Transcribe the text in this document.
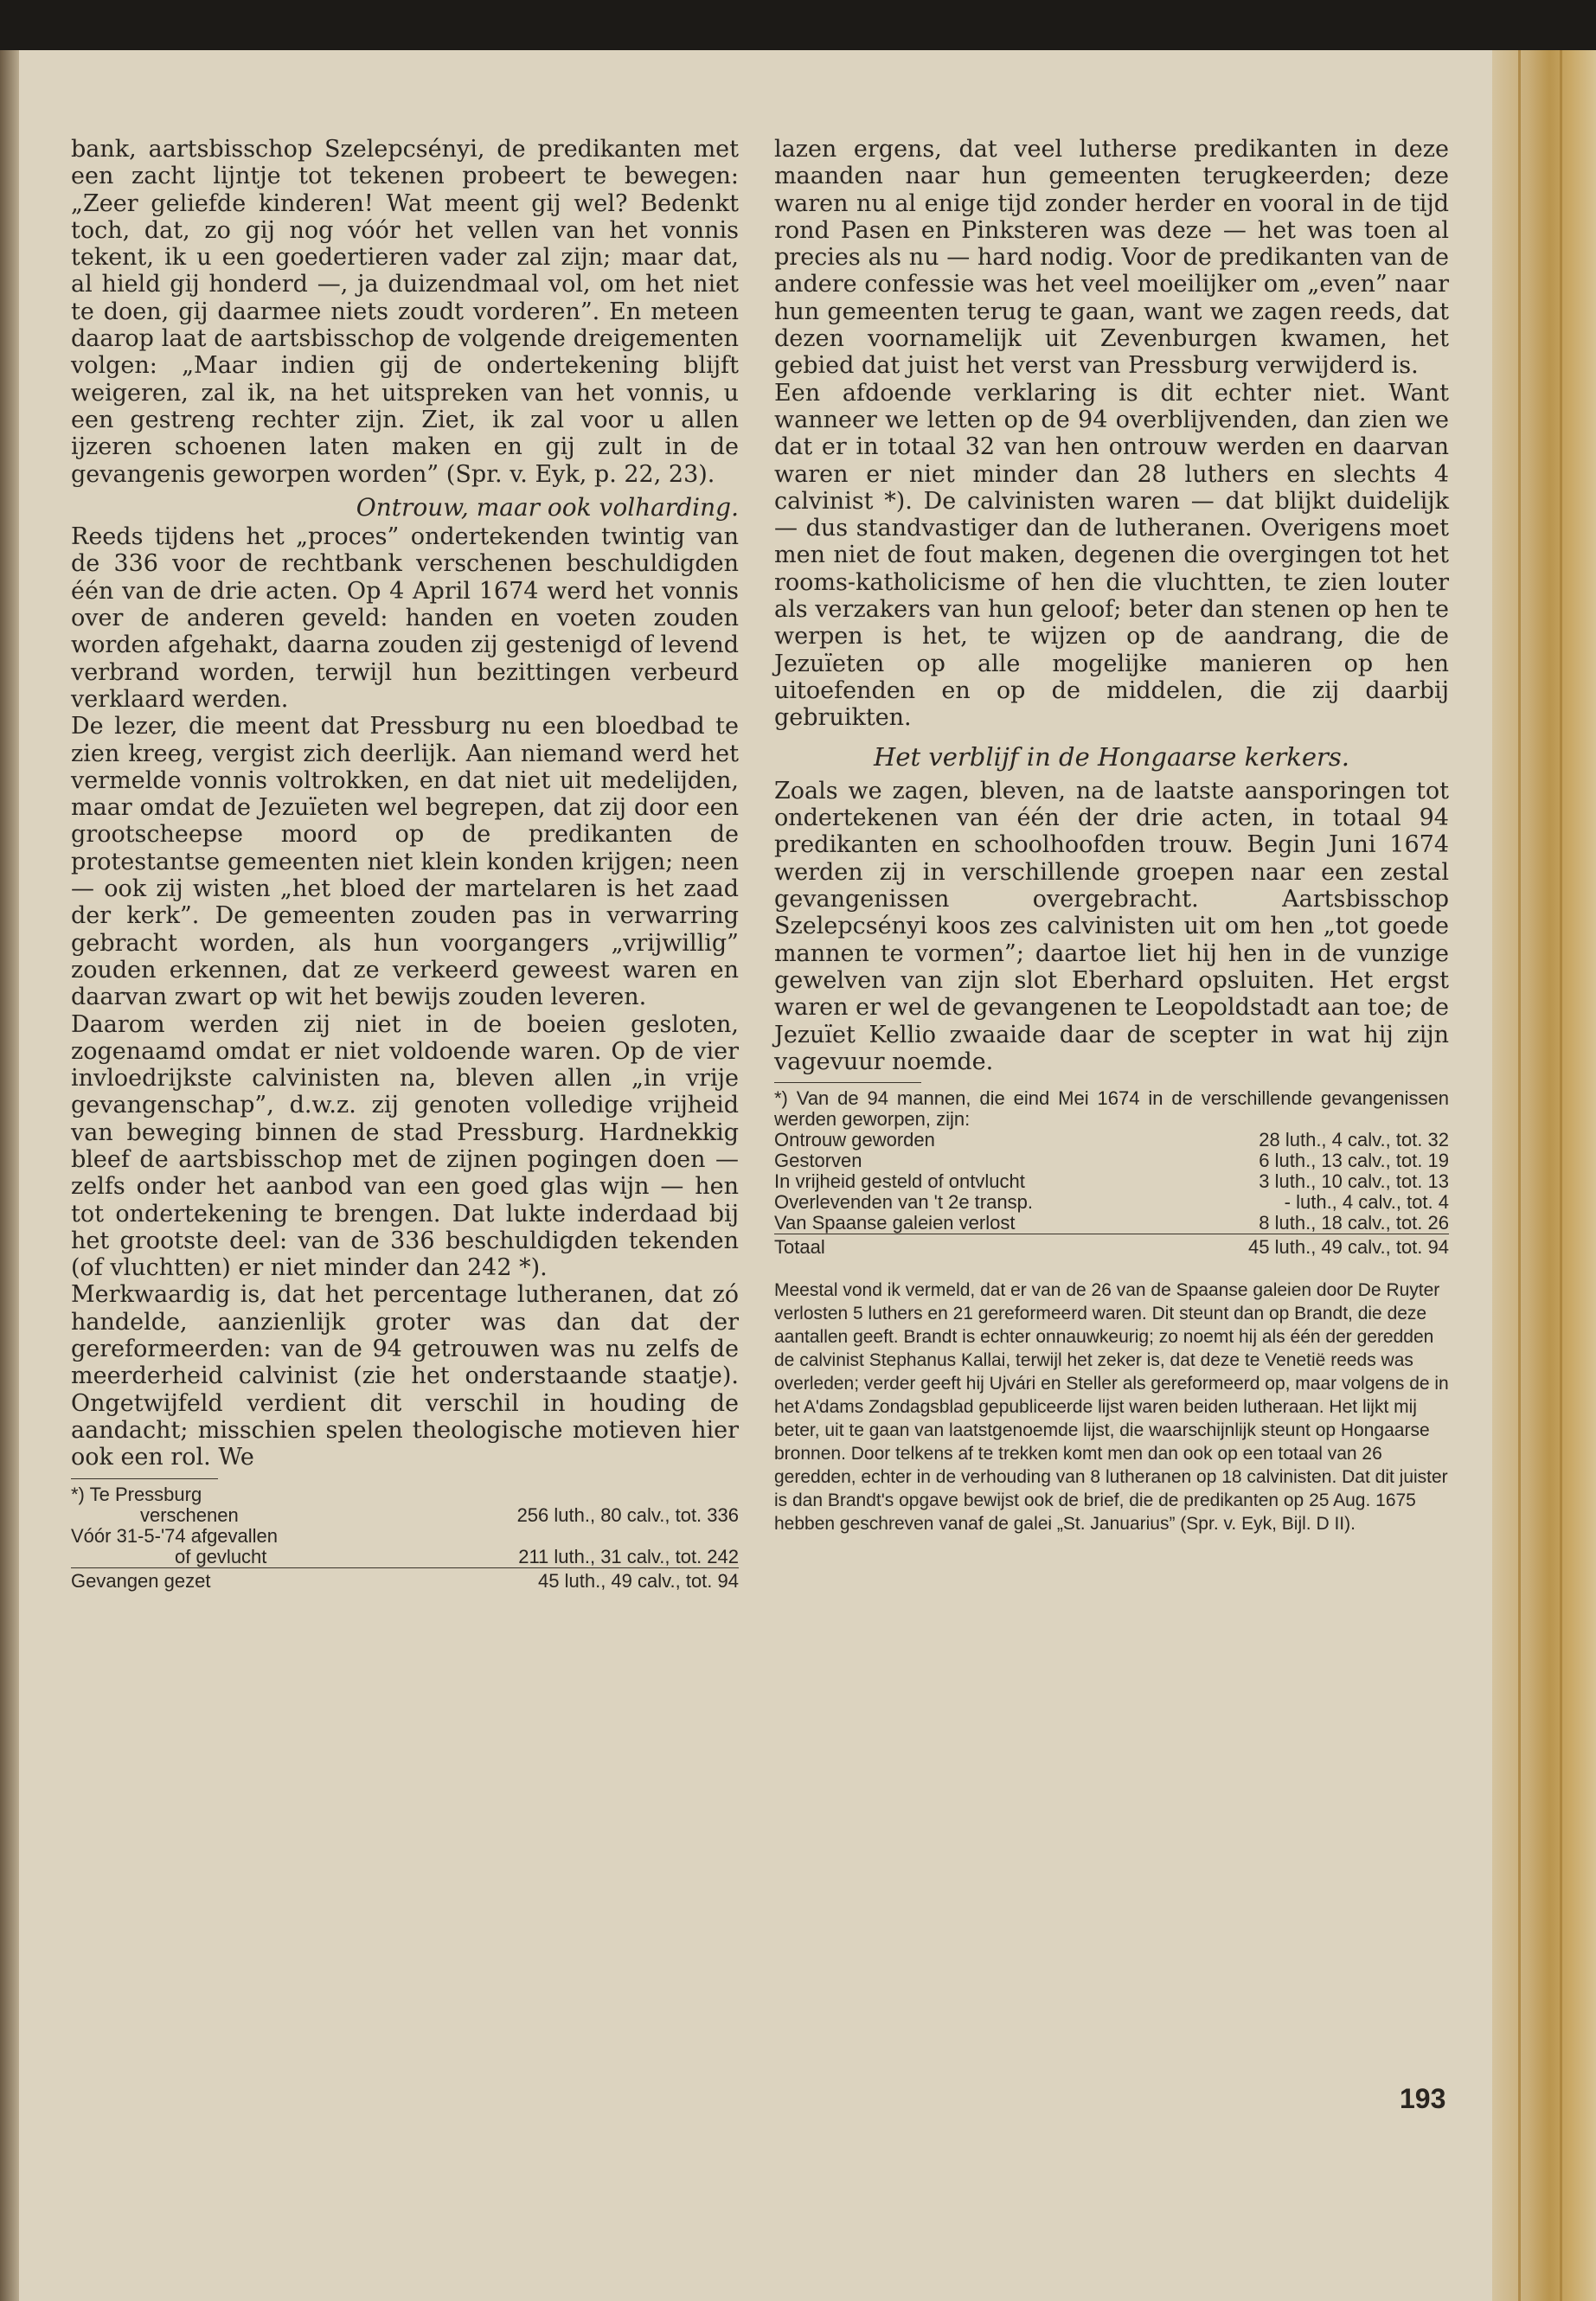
bank, aartsbisschop Szelepcsényi, de predikanten met een zacht lijntje tot tekenen probeert te bewegen: „Zeer geliefde kinderen! Wat meent gij wel? Bedenkt toch, dat, zo gij nog vóór het vellen van het vonnis tekent, ik u een goedertieren vader zal zijn; maar dat, al hield gij honderd —, ja duizendmaal vol, om het niet te doen, gij daarmee niets zoudt vorderen”. En meteen daarop laat de aartsbisschop de volgende dreigementen volgen: „Maar indien gij de ondertekening blijft weigeren, zal ik, na het uitspreken van het vonnis, u een gestreng rechter zijn. Ziet, ik zal voor u allen ijzeren schoenen laten maken en gij zult in de gevangenis geworpen worden” (Spr. v. Eyk, p. 22, 23).

Ontrouw, maar ook volharding.

Reeds tijdens het „proces” ondertekenden twintig van de 336 voor de rechtbank verschenen beschuldigden één van de drie acten. Op 4 April 1674 werd het vonnis over de anderen geveld: handen en voeten zouden worden afgehakt, daarna zouden zij gestenigd of levend verbrand worden, terwijl hun bezittingen verbeurd verklaard werden.

De lezer, die meent dat Pressburg nu een bloedbad te zien kreeg, vergist zich deerlijk. Aan niemand werd het vermelde vonnis voltrokken, en dat niet uit medelijden, maar omdat de Jezuïeten wel begrepen, dat zij door een grootscheepse moord op de predikanten de protestantse gemeenten niet klein konden krijgen; neen — ook zij wisten „het bloed der martelaren is het zaad der kerk”. De gemeenten zouden pas in verwarring gebracht worden, als hun voorgangers „vrijwillig” zouden erkennen, dat ze verkeerd geweest waren en daarvan zwart op wit het bewijs zouden leveren.

Daarom werden zij niet in de boeien gesloten, zogenaamd omdat er niet voldoende waren. Op de vier invloedrijkste calvinisten na, bleven allen „in vrije gevangenschap”, d.w.z. zij genoten volledige vrijheid van beweging binnen de stad Pressburg. Hardnekkig bleef de aartsbisschop met de zijnen pogingen doen — zelfs onder het aanbod van een goed glas wijn — hen tot ondertekening te brengen. Dat lukte inderdaad bij het grootste deel: van de 336 beschuldigden tekenden (of vluchtten) er niet minder dan 242 *).

Merkwaardig is, dat het percentage lutheranen, dat zó handelde, aanzienlijk groter was dan dat der gereformeerden: van de 94 getrouwen was nu zelfs de meerderheid calvinist (zie het onderstaande staatje). Ongetwijfeld verdient dit verschil in houding de aandacht; misschien spelen theologische motieven hier ook een rol. We

*) Te Pressburg	
verschenen	256 luth., 80 calv., tot. 336
Vóór 31-5-'74 afgevallen	
of gevlucht	211 luth., 31 calv., tot. 242
Gevangen gezet	45 luth., 49 calv., tot. 94

lazen ergens, dat veel lutherse predikanten in deze maanden naar hun gemeenten terugkeerden; deze waren nu al enige tijd zonder herder en vooral in de tijd rond Pasen en Pinksteren was deze — het was toen al precies als nu — hard nodig. Voor de predikanten van de andere confessie was het veel moeilijker om „even” naar hun gemeenten terug te gaan, want we zagen reeds, dat dezen voornamelijk uit Zevenburgen kwamen, het gebied dat juist het verst van Pressburg verwijderd is.

Een afdoende verklaring is dit echter niet. Want wanneer we letten op de 94 overblijvenden, dan zien we dat er in totaal 32 van hen ontrouw werden en daarvan waren er niet minder dan 28 luthers en slechts 4 calvinist *). De calvinisten waren — dat blijkt duidelijk — dus standvastiger dan de lutheranen. Overigens moet men niet de fout maken, degenen die overgingen tot het rooms-katholicisme of hen die vluchtten, te zien louter als verzakers van hun geloof; beter dan stenen op hen te werpen is het, te wijzen op de aandrang, die de Jezuïeten op alle mogelijke manieren op hen uitoefenden en op de middelen, die zij daarbij gebruikten.

Het verblijf in de Hongaarse kerkers.

Zoals we zagen, bleven, na de laatste aansporingen tot ondertekenen van één der drie acten, in totaal 94 predikanten en schoolhoofden trouw. Begin Juni 1674 werden zij in verschillende groepen naar een zestal gevangenissen overgebracht. Aartsbisschop Szelepcsényi koos zes calvinisten uit om hen „tot goede mannen te vormen”; daartoe liet hij hen in de vunzige gewelven van zijn slot Eberhard opsluiten. Het ergst waren er wel de gevangenen te Leopoldstadt aan toe; de Jezuïet Kellio zwaaide daar de scepter in wat hij zijn vagevuur noemde.

*) Van de 94 mannen, die eind Mei 1674 in de verschillende gevangenissen werden geworpen, zijn:

Ontrouw geworden	28 luth., 4 calv., tot. 32
Gestorven	6 luth., 13 calv., tot. 19
In vrijheid gesteld of ontvlucht	3 luth., 10 calv., tot. 13
Overlevenden van 't 2e transp.	- luth., 4 calv., tot. 4
Van Spaanse galeien verlost	8 luth., 18 calv., tot. 26
Totaal	45 luth., 49 calv., tot. 94

Meestal vond ik vermeld, dat er van de 26 van de Spaanse galeien door De Ruyter verlosten 5 luthers en 21 gereformeerd waren. Dit steunt dan op Brandt, die deze aantallen geeft. Brandt is echter onnauwkeurig; zo noemt hij als één der geredden de calvinist Stephanus Kallai, terwijl het zeker is, dat deze te Venetië reeds was overleden; verder geeft hij Ujvári en Steller als gereformeerd op, maar volgens de in het A'dams Zondagsblad gepubliceerde lijst waren beiden lutheraan. Het lijkt mij beter, uit te gaan van laatstgenoemde lijst, die waarschijnlijk steunt op Hongaarse bronnen. Door telkens af te trekken komt men dan ook op een totaal van 26 geredden, echter in de verhouding van 8 lutheranen op 18 calvinisten. Dat dit juister is dan Brandt's opgave bewijst ook de brief, die de predikanten op 25 Aug. 1675 hebben geschreven vanaf de galei „St. Januarius” (Spr. v. Eyk, Bijl. D II).

193
